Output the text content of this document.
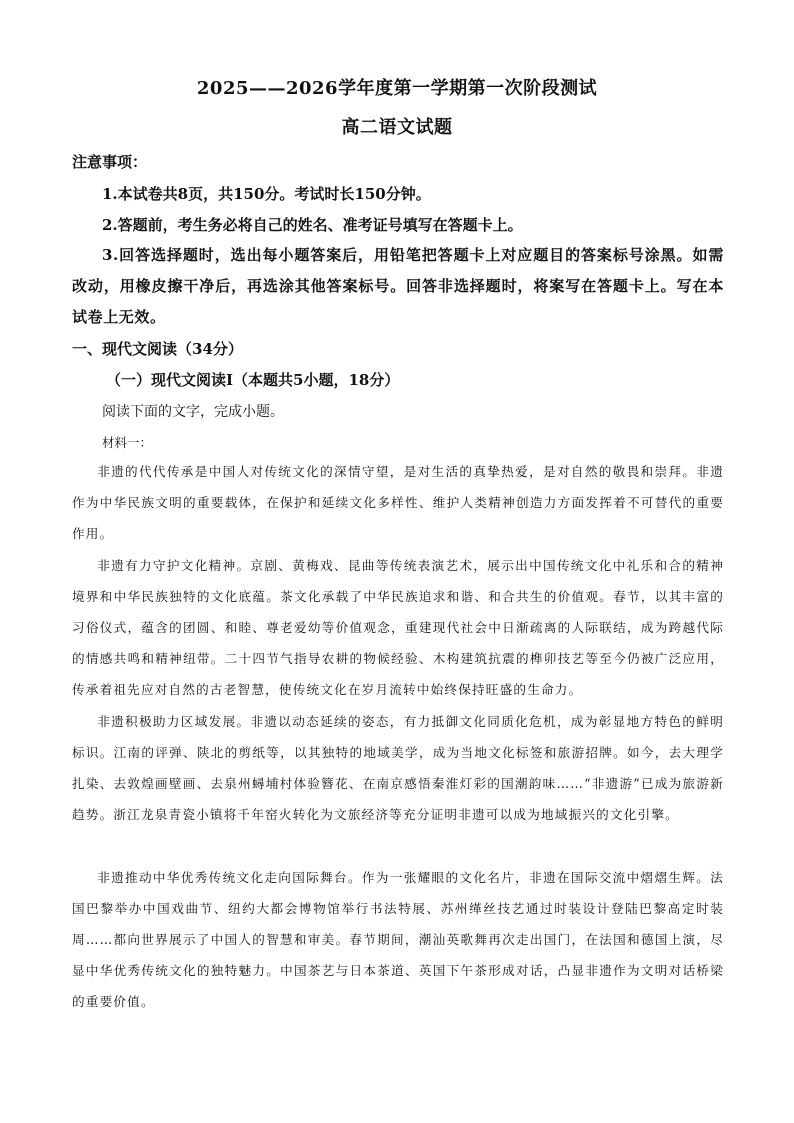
2025——2026学年度第一学期第一次阶段测试
高二语文试题
注意事项：
1.本试卷共8页，共150分。考试时长150分钟。
2.答题前，考生务必将自己的姓名、准考证号填写在答题卡上。
3.回答选择题时，选出每小题答案后，用铅笔把答题卡上对应题目的答案标号涂黑。如需改动，用橡皮擦干净后，再选涂其他答案标号。回答非选择题时，将案写在答题卡上。写在本试卷上无效。
一、现代文阅读（34分）
（一）现代文阅读Ⅰ（本题共5小题，18分）
阅读下面的文字，完成小题。
材料一：
非遗的代代传承是中国人对传统文化的深情守望，是对生活的真挚热爱，是对自然的敬畏和崇拜。非遗作为中华民族文明的重要载体，在保护和延续文化多样性、维护人类精神创造力方面发挥着不可替代的重要作用。
非遗有力守护文化精神。京剧、黄梅戏、昆曲等传统表演艺术，展示出中国传统文化中礼乐和合的精神境界和中华民族独特的文化底蕴。茶文化承载了中华民族追求和谐、和合共生的价值观。春节，以其丰富的习俗仪式，蕴含的团圆、和睦、尊老爱幼等价值观念，重建现代社会中日渐疏离的人际联结，成为跨越代际的情感共鸣和精神纽带。二十四节气指导农耕的物候经验、木构建筑抗震的榫卯技艺等至今仍被广泛应用，传承着祖先应对自然的古老智慧，使传统文化在岁月流转中始终保持旺盛的生命力。
非遗积极助力区域发展。非遗以动态延续的姿态，有力抵御文化同质化危机，成为彰显地方特色的鲜明标识。江南的评弹、陕北的剪纸等，以其独特的地域美学，成为当地文化标签和旅游招牌。如今，去大理学扎染、去敦煌画壁画、去泉州蟳埔村体验簪花、在南京感悟秦淮灯彩的国潮韵味……“非遗游”已成为旅游新趋势。浙江龙泉青瓷小镇将千年窑火转化为文旅经济等充分证明非遗可以成为地域振兴的文化引擎。
非遗推动中华优秀传统文化走向国际舞台。作为一张耀眼的文化名片，非遗在国际交流中熠熠生辉。法国巴黎举办中国戏曲节、纽约大都会博物馆举行书法特展、苏州缂丝技艺通过时装设计登陆巴黎高定时装周……都向世界展示了中国人的智慧和审美。春节期间，潮汕英歌舞再次走出国门，在法国和德国上演，尽显中华优秀传统文化的独特魅力。中国茶艺与日本茶道、英国下午茶形成对话，凸显非遗作为文明对话桥梁的重要价值。
